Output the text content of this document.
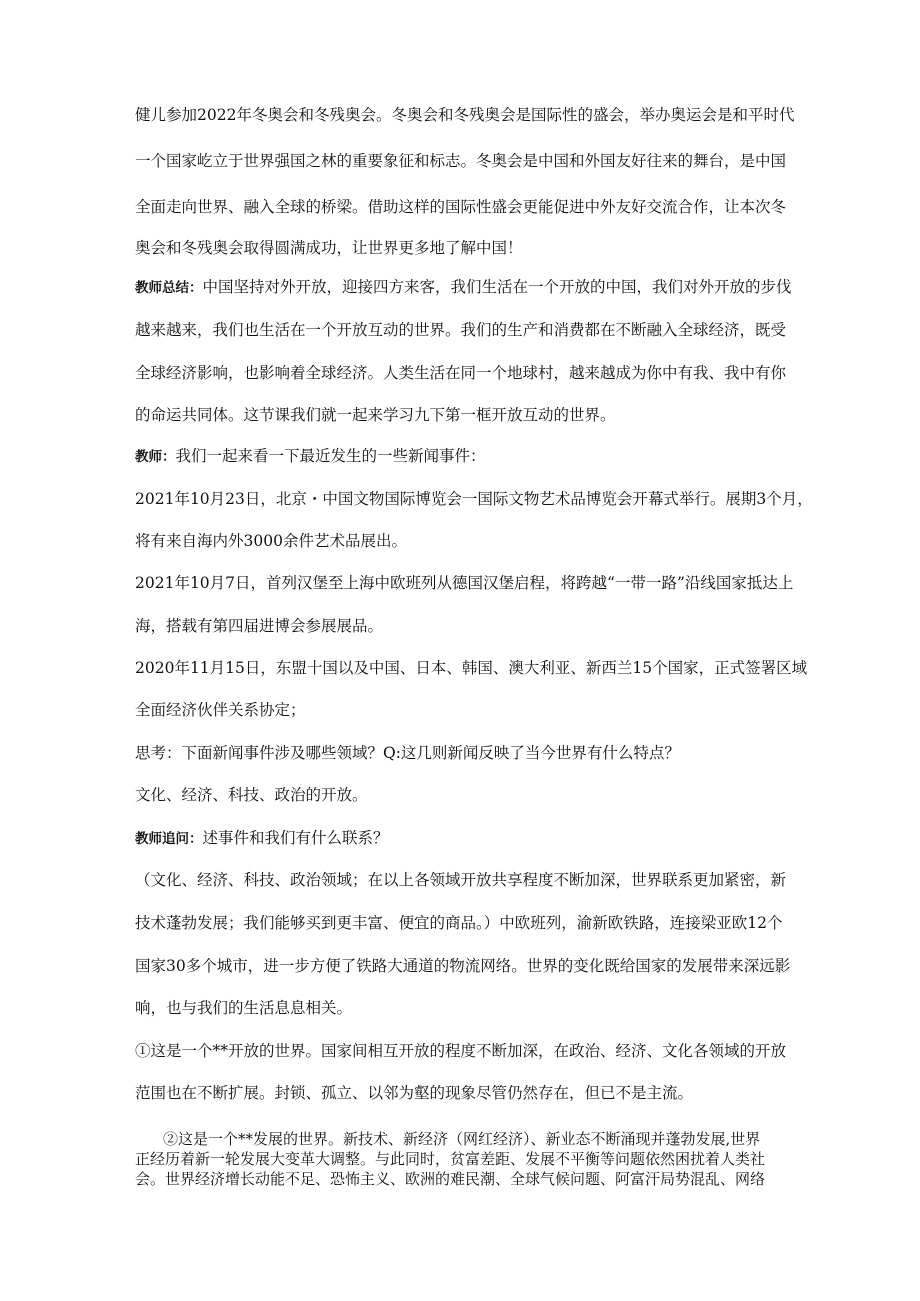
健儿参加2022年冬奥会和冬残奥会。冬奥会和冬残奥会是国际性的盛会，举办奥运会是和平时代
一个国家屹立于世界强国之林的重要象征和标志。冬奥会是中国和外国友好往来的舞台，是中国
全面走向世界、融入全球的桥梁。借助这样的国际性盛会更能促进中外友好交流合作，让本次冬
奥会和冬残奥会取得圆满成功，让世界更多地了解中国！
教师总结：中国坚持对外开放，迎接四方来客，我们生活在一个开放的中国，我们对外开放的步伐
越来越来，我们也生活在一个开放互动的世界。我们的生产和消费都在不断融入全球经济，既受
全球经济影响，也影响着全球经济。人类生活在同一个地球村，越来越成为你中有我、我中有你
的命运共同体。这节课我们就一起来学习九下第一框开放互动的世界。
教师：我们一起来看一下最近发生的一些新闻事件：
2021年10月23日，北京・中国文物国际博览会一国际文物艺术品博览会开幕式举行。展期3个月，
将有来自海内外3000余件艺术品展出。
2021年10月7日，首列汉堡至上海中欧班列从德国汉堡启程，将跨越“一带一路”沿线国家抵达上
海，搭载有第四届进博会参展展品。
2020年11月15日，东盟十国以及中国、日本、韩国、澳大利亚、新西兰15个国家，正式签署区域
全面经济伙伴关系协定；
思考：下面新闻事件涉及哪些领域？Q:这几则新闻反映了当今世界有什么特点？
文化、经济、科技、政治的开放。
教师追问：述事件和我们有什么联系？
（文化、经济、科技、政治领域；在以上各领域开放共享程度不断加深，世界联系更加紧密，新
技术蓬勃发展；我们能够买到更丰富、便宜的商品。）中欧班列，渝新欧铁路，连接梁亚欧12个
国家30多个城市，进一步方便了铁路大通道的物流网络。世界的变化既给国家的发展带来深远影
响，也与我们的生活息息相关。
①这是一个**开放的世界。国家间相互开放的程度不断加深，在政治、经济、文化各领域的开放
范围也在不断扩展。封锁、孤立、以邻为壑的现象尽管仍然存在，但已不是主流。
②这是一个**发展的世界。新技术、新经济（网红经济）、新业态不断涌现并蓬勃发展,世界
正经历着新一轮发展大变革大调整。与此同时，贫富差距、发展不平衡等问题依然困扰着人类社
会。世界经济增长动能不足、恐怖主义、欧洲的难民潮、全球气候问题、阿富汗局势混乱、网络
